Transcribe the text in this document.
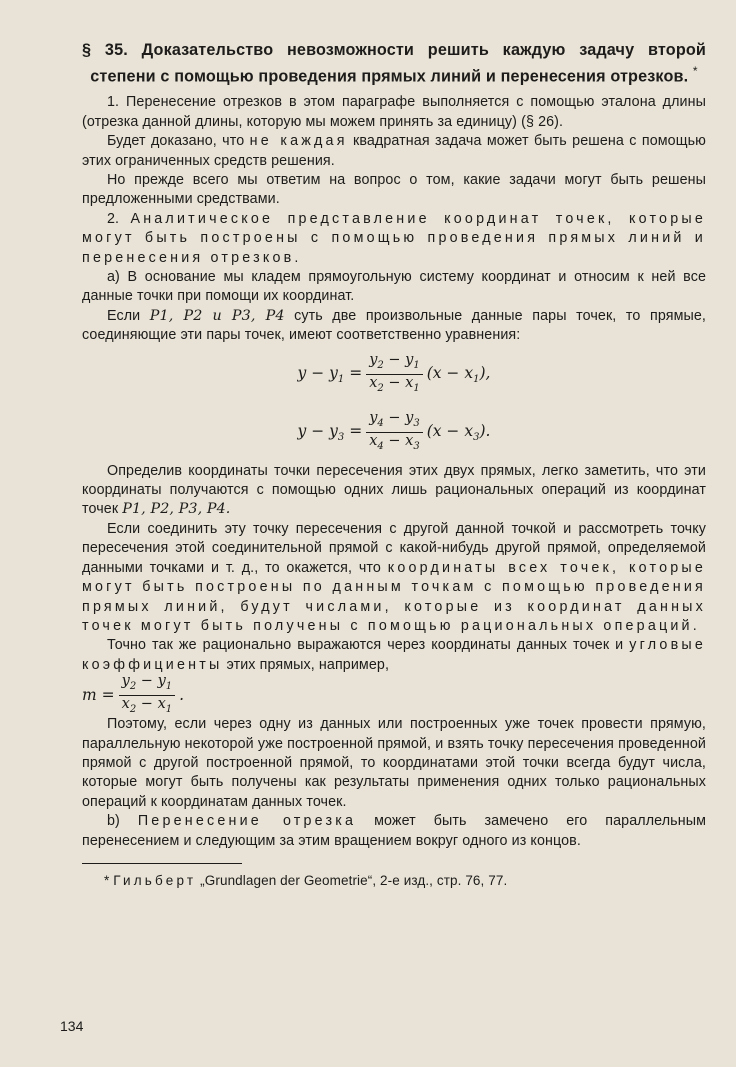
§ 35. Доказательство невозможности решить каждую задачу второй степени с помощью проведения прямых линий и перенесения отрезков. *

1. Перенесение отрезков в этом параграфе выполняется с помощью эталона длины (отрезка данной длины, которую мы можем принять за единицу) (§ 26).

Будет доказано, что не каждая квадратная задача может быть решена с помощью этих ограниченных средств решения.

Но прежде всего мы ответим на вопрос о том, какие задачи могут быть решены предложенными средствами.

2. Аналитическое представление координат точек, которые могут быть построены с помощью проведения прямых линий и перенесения отрезков.

a) В основание мы кладем прямоугольную систему координат и относим к ней все данные точки при помощи их координат.

Если P1, P2 и P3, P4 суть две произвольные данные пары точек, то прямые, соединяющие эти пары точек, имеют соответственно уравнения:

$y - y_1 = \frac{y_2 - y_1}{x_2 - x_1} (x - x_1)$,
$y - y_3 = \frac{y_4 - y_3}{x_4 - x_3} (x - x_3)$.

Определив координаты точки пересечения этих двух прямых, легко заметить, что эти координаты получаются с помощью одних лишь рациональных операций из координат точек P1, P2, P3, P4.

Если соединить эту точку пересечения с другой данной точкой и рассмотреть точку пересечения этой соединительной прямой с какой-нибудь другой прямой, определяемой данными точками и т. д., то окажется, что координаты всех точек, которые могут быть построены по данным точкам с помощью проведения прямых линий, будут числами, которые из координат данных точек могут быть получены с помощью рациональных операций.

Точно так же рационально выражаются через координаты данных точек и угловые коэффициенты этих прямых, например,

$m = \frac{y_2 - y_1}{x_2 - x_1}$ .

Поэтому, если через одну из данных или построенных уже точек провести прямую, параллельную некоторой уже построенной прямой, и взять точку пересечения проведенной прямой с другой построенной прямой, то координатами этой точки всегда будут числа, которые могут быть получены как результаты применения одних только рациональных операций к координатам данных точек.

b) Перенесение отрезка может быть замечено его параллельным перенесением и следующим за этим вращением вокруг одного из концов.

* Гильберт „Grundlagen der Geometrie“, 2-е изд., стр. 76, 77.

134
